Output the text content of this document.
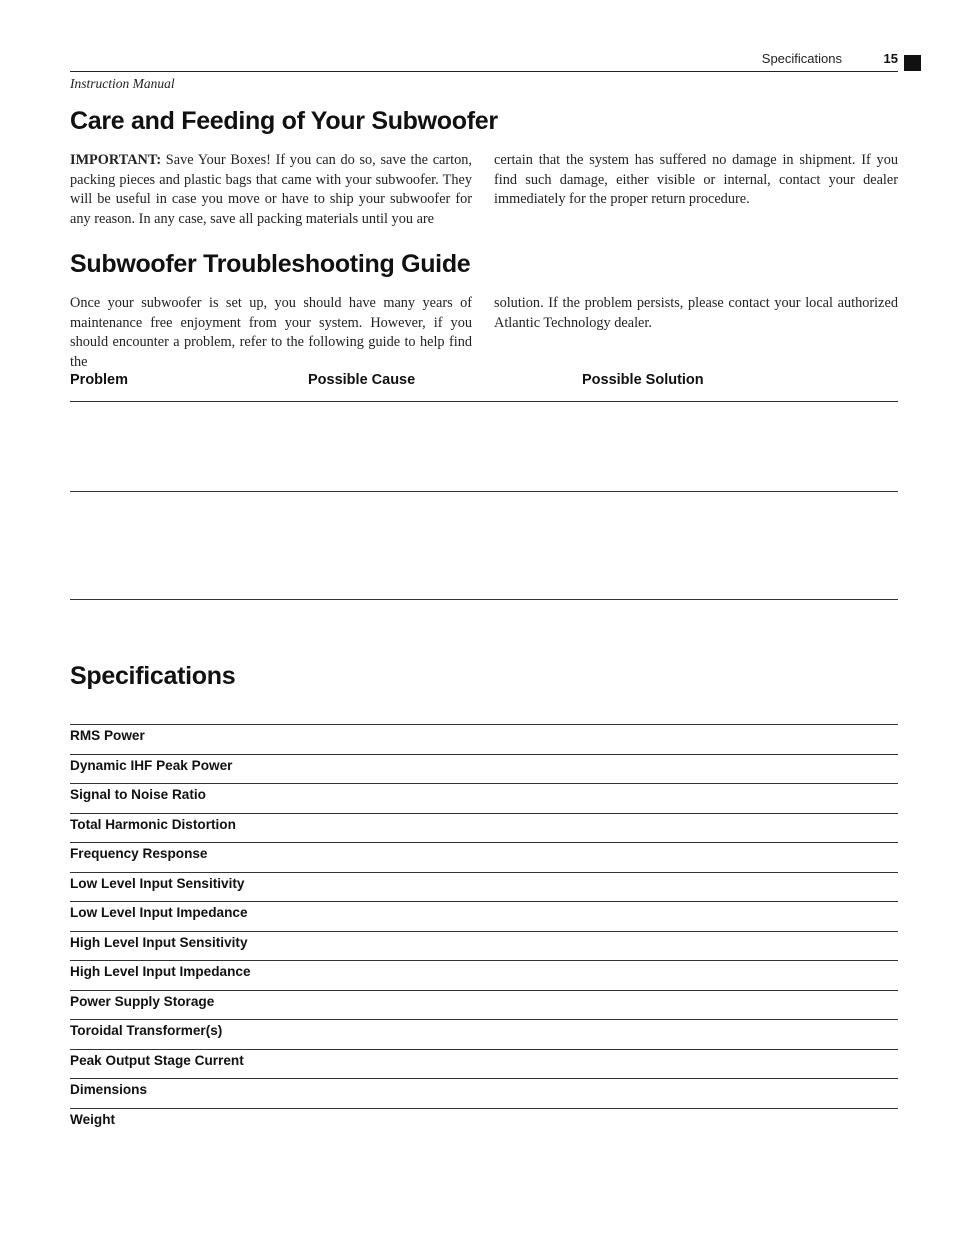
Specifications	15
Instruction Manual
Care and Feeding of Your Subwoofer
IMPORTANT: Save Your Boxes! If you can do so, save the carton, packing pieces and plastic bags that came with your subwoofer. They will be useful in case you move or have to ship your subwoofer for any reason. In any case, save all packing materials until you are
certain that the system has suffered no damage in shipment. If you find such damage, either visible or internal, contact your dealer immediately for the proper return procedure.
Subwoofer Troubleshooting Guide
Once your subwoofer is set up, you should have many years of maintenance free enjoyment from your system. However, if you should encounter a problem, refer to the following guide to help find the
solution. If the problem persists, please contact your local authorized Atlantic Technology dealer.
Problem	Possible Cause	Possible Solution
Specifications
RMS Power
Dynamic IHF Peak Power
Signal to Noise Ratio
Total Harmonic Distortion
Frequency Response
Low Level Input Sensitivity
Low Level Input Impedance
High Level Input Sensitivity
High Level Input Impedance
Power Supply Storage
Toroidal Transformer(s)
Peak Output Stage Current
Dimensions
Weight
